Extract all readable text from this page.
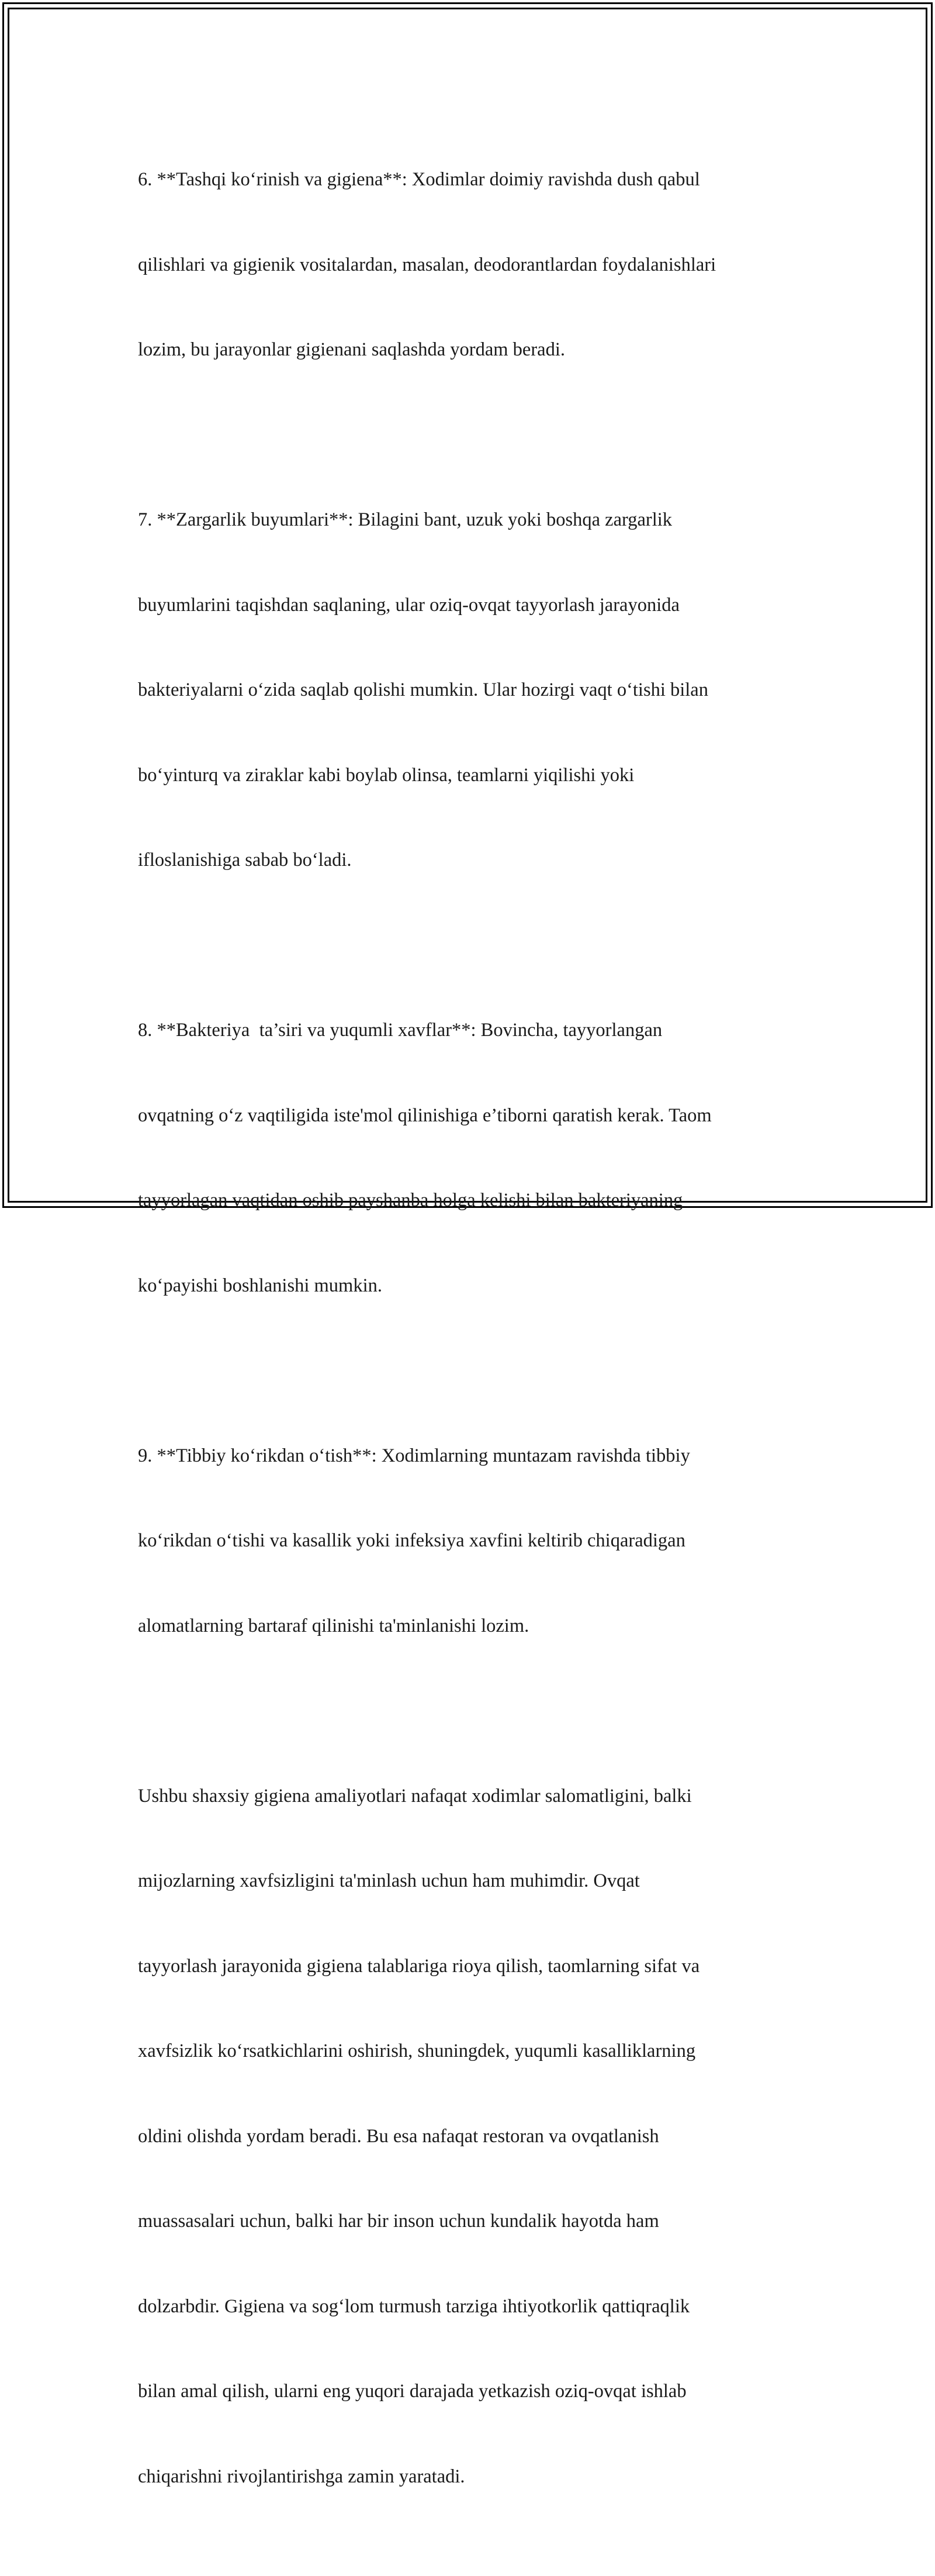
6. **Tashqi ko‘rinish va gigiena**: Xodimlar doimiy ravishda dush qabul

qilishlari va gigienik vositalardan, masalan, deodorantlardan foydalanishlari

lozim, bu jarayonlar gigienani saqlashda yordam beradi.

7. **Zargarlik buyumlari**: Bilagini bant, uzuk yoki boshqa zargarlik

buyumlarini taqishdan saqlaning, ular oziq-ovqat tayyorlash jarayonida

bakteriyalarni o‘zida saqlab qolishi mumkin. Ular hozirgi vaqt o‘tishi bilan

bo‘yinturq va ziraklar kabi boylab olinsa, teamlarni yiqilishi yoki

ifloslanishiga sabab bo‘ladi.

8. **Bakteriya  ta’siri va yuqumli xavflar**: Bovincha, tayyorlangan

ovqatning o‘z vaqtiligida iste'mol qilinishiga e’tiborni qaratish kerak. Taom

tayyorlagan vaqtidan oshib payshanba holga kelishi bilan bakteriyaning

ko‘payishi boshlanishi mumkin.

9. **Tibbiy ko‘rikdan o‘tish**: Xodimlarning muntazam ravishda tibbiy

ko‘rikdan o‘tishi va kasallik yoki infeksiya xavfini keltirib chiqaradigan

alomatlarning bartaraf qilinishi ta'minlanishi lozim.

Ushbu shaxsiy gigiena amaliyotlari nafaqat xodimlar salomatligini, balki

mijozlarning xavfsizligini ta'minlash uchun ham muhimdir. Ovqat

tayyorlash jarayonida gigiena talablariga rioya qilish, taomlarning sifat va

xavfsizlik ko‘rsatkichlarini oshirish, shuningdek, yuqumli kasalliklarning

oldini olishda yordam beradi. Bu esa nafaqat restoran va ovqatlanish

muassasalari uchun, balki har bir inson uchun kundalik hayotda ham

dolzarbdir. Gigiena va sog‘lom turmush tarziga ihtiyotkorlik qattiqraqlik

bilan amal qilish, ularni eng yuqori darajada yetkazish oziq-ovqat ishlab

chiqarishni rivojlantirishga zamin yaratadi.
